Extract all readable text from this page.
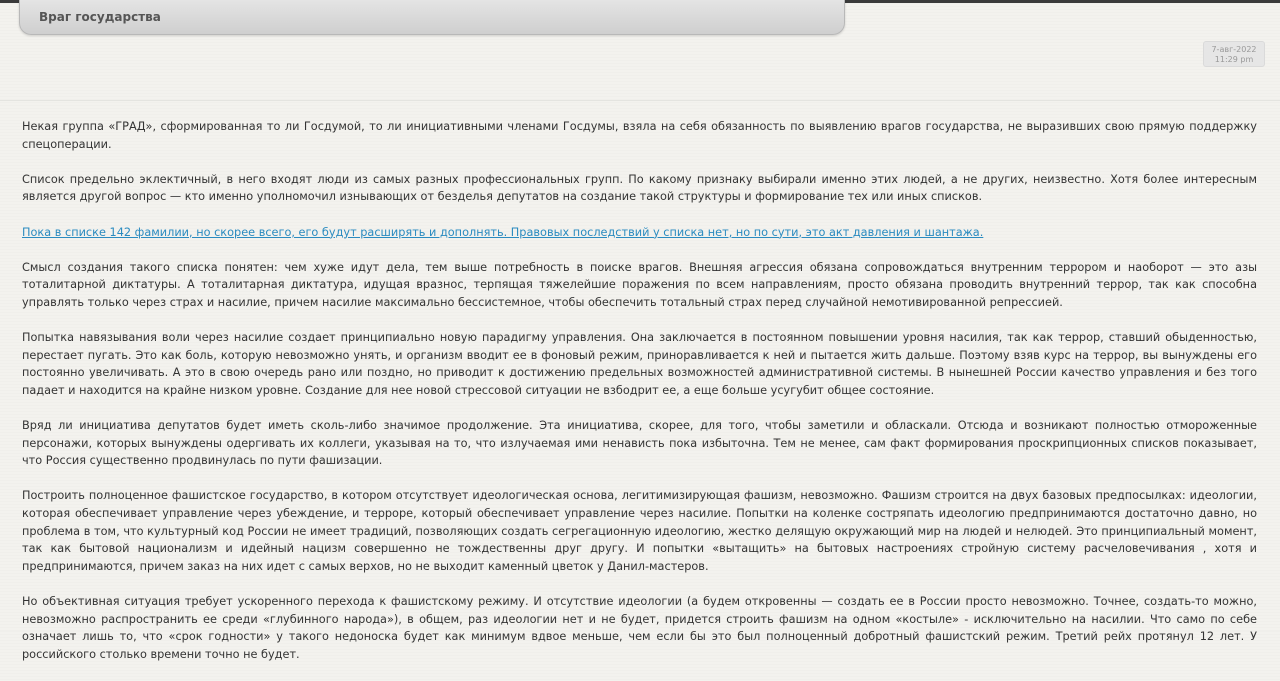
Враг государства
7-авг-2022
11:29 pm

Некая группа «ГРАД», сформированная то ли Госдумой, то ли инициативными членами Госдумы, взяла на себя обязанность по выявлению врагов государства, не выразивших свою прямую поддержку спецоперации.

Список предельно эклектичный, в него входят люди из самых разных профессиональных групп. По какому признаку выбирали именно этих людей, а не других, неизвестно. Хотя более интересным является другой вопрос — кто именно уполномочил изнывающих от безделья депутатов на создание такой структуры и формирование тех или иных списков.

Пока в списке 142 фамилии, но скорее всего, его будут расширять и дополнять. Правовых последствий у списка нет, но по сути, это акт давления и шантажа.

Смысл создания такого списка понятен: чем хуже идут дела, тем выше потребность в поиске врагов. Внешняя агрессия обязана сопровождаться внутренним террором и наоборот — это азы тоталитарной диктатуры. А тоталитарная диктатура, идущая вразнос, терпящая тяжелейшие поражения по всем направлениям, просто обязана проводить внутренний террор, так как способна управлять только через страх и насилие, причем насилие максимально бессистемное, чтобы обеспечить тотальный страх перед случайной немотивированной репрессией.

Попытка навязывания воли через насилие создает принципиально новую парадигму управления. Она заключается в постоянном повышении уровня насилия, так как террор, ставший обыденностью, перестает пугать. Это как боль, которую невозможно унять, и организм вводит ее в фоновый режим, приноравливается к ней и пытается жить дальше. Поэтому взяв курс на террор, вы вынуждены его постоянно увеличивать. А это в свою очередь рано или поздно, но приводит к достижению предельных возможностей административной системы. В нынешней России качество управления и без того падает и находится на крайне низком уровне. Создание для нее новой стрессовой ситуации не взбодрит ее, а еще больше усугубит общее состояние.

Вряд ли инициатива депутатов будет иметь сколь-либо значимое продолжение. Эта инициатива, скорее, для того, чтобы заметили и обласкали. Отсюда и возникают полностью отмороженные персонажи, которых вынуждены одергивать их коллеги, указывая на то, что излучаемая ими ненависть пока избыточна. Тем не менее, сам факт формирования проскрипционных списков показывает, что Россия существенно продвинулась по пути фашизации.

Построить полноценное фашистское государство, в котором отсутствует идеологическая основа, легитимизирующая фашизм, невозможно. Фашизм строится на двух базовых предпосылках: идеологии, которая обеспечивает управление через убеждение, и терроре, который обеспечивает управление через насилие. Попытки на коленке состряпать идеологию предпринимаются достаточно давно, но проблема в том, что культурный код России не имеет традиций, позволяющих создать сегрегационную идеологию, жестко делящую окружающий мир на людей и нелюдей. Это принципиальный момент, так как бытовой национализм и идейный нацизм совершенно не тождественны друг другу. И попытки «вытащить» на бытовых настроениях стройную систему расчеловечивания , хотя и предпринимаются, причем заказ на них идет с самых верхов, но не выходит каменный цветок у Данил-мастеров.

Но объективная ситуация требует ускоренного перехода к фашистскому режиму. И отсутствие идеологии (а будем откровенны — создать ее в России просто невозможно. Точнее, создать-то можно, невозможно распространить ее среди «глубинного народа»), в общем, раз идеологии нет и не будет, придется строить фашизм на одном «костыле» - исключительно на насилии. Что само по себе означает лишь то, что «срок годности» у такого недоноска будет как минимум вдвое меньше, чем если бы это был полноценный добротный фашистский режим. Третий рейх протянул 12 лет. У российского столько времени точно не будет.
